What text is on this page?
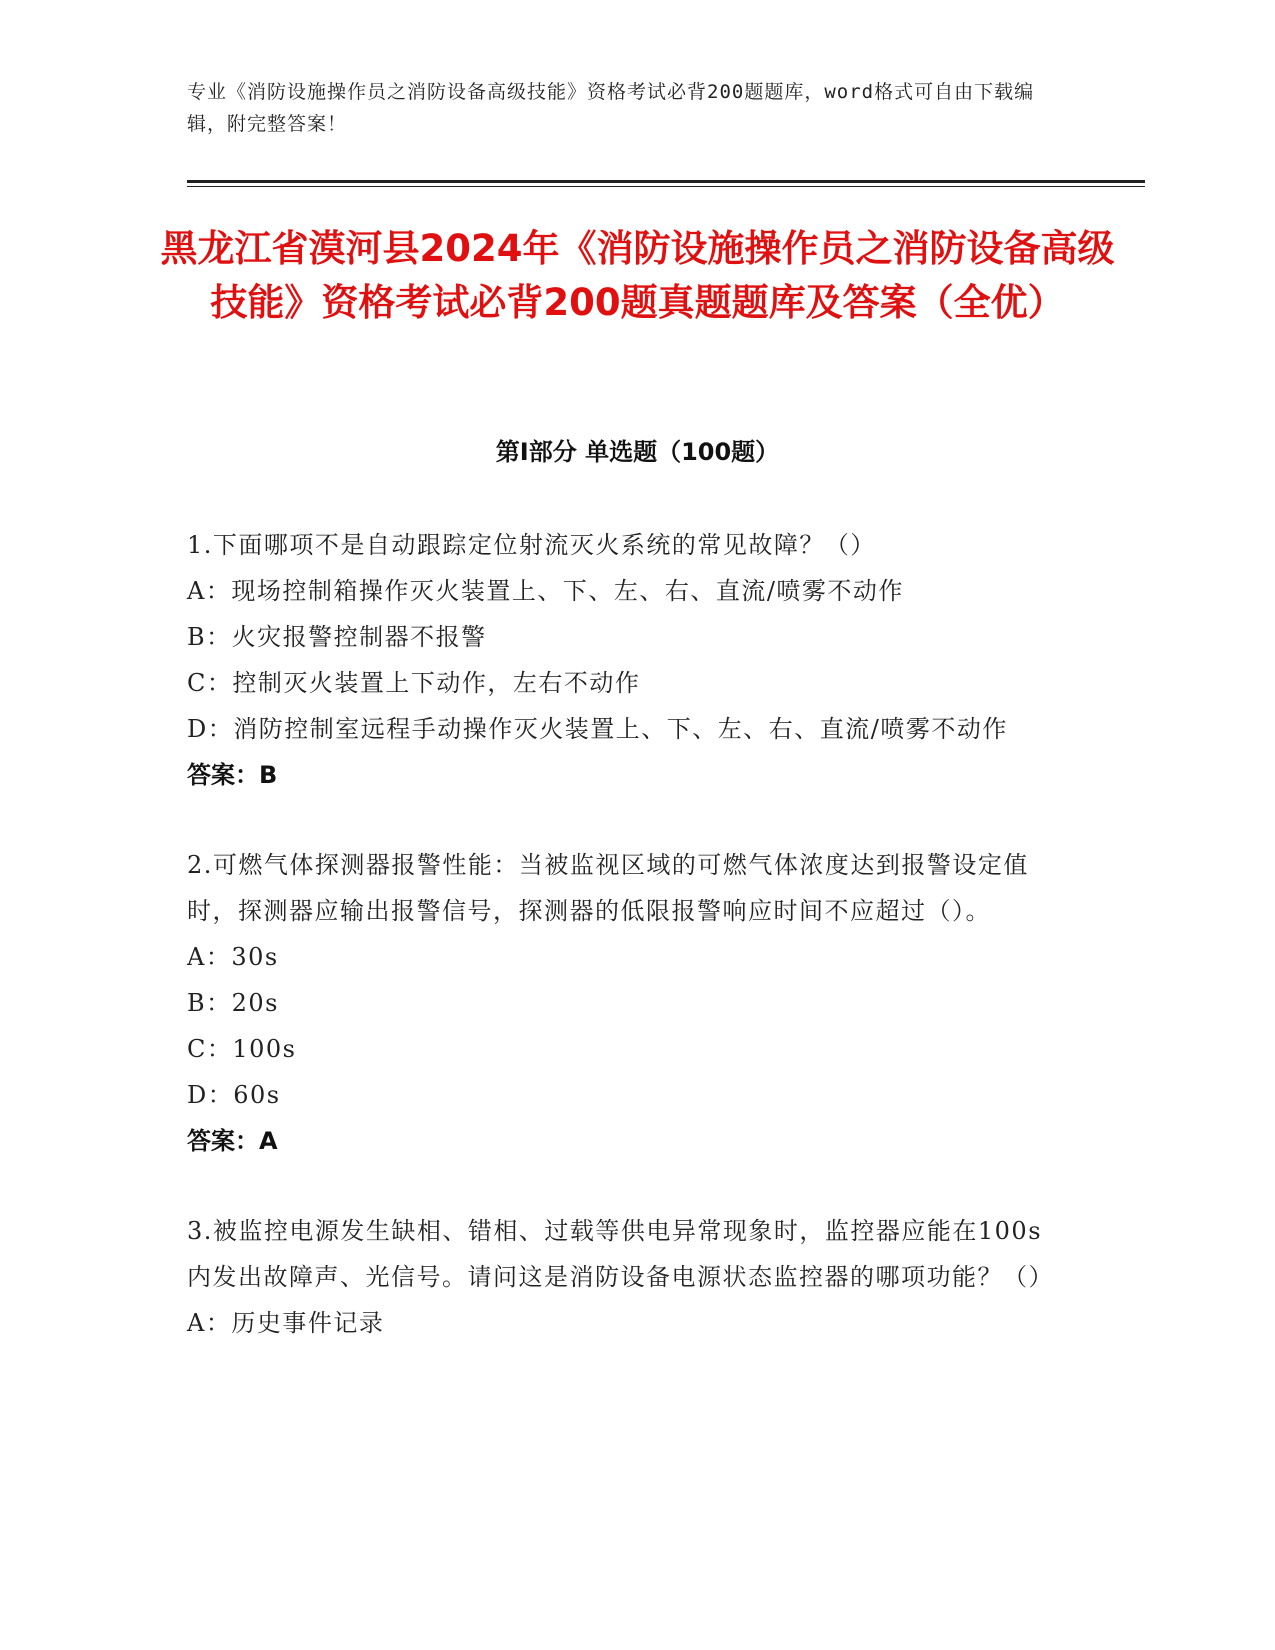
专业《消防设施操作员之消防设备高级技能》资格考试必背200题题库，word格式可自由下载编辑，附完整答案！
黑龙江省漠河县2024年《消防设施操作员之消防设备高级技能》资格考试必背200题真题题库及答案（全优）
第Ⅰ部分 单选题（100题）
1.下面哪项不是自动跟踪定位射流灭火系统的常见故障？（）
A：现场控制箱操作灭火装置上、下、左、右、直流/喷雾不动作
B：火灾报警控制器不报警
C：控制灭火装置上下动作，左右不动作
D：消防控制室远程手动操作灭火装置上、下、左、右、直流/喷雾不动作
答案：B
2.可燃气体探测器报警性能：当被监视区域的可燃气体浓度达到报警设定值时，探测器应输出报警信号，探测器的低限报警响应时间不应超过（）。
A：30s
B：20s
C：100s
D：60s
答案：A
3.被监控电源发生缺相、错相、过载等供电异常现象时，监控器应能在100s内发出故障声、光信号。请问这是消防设备电源状态监控器的哪项功能？（）
A：历史事件记录
